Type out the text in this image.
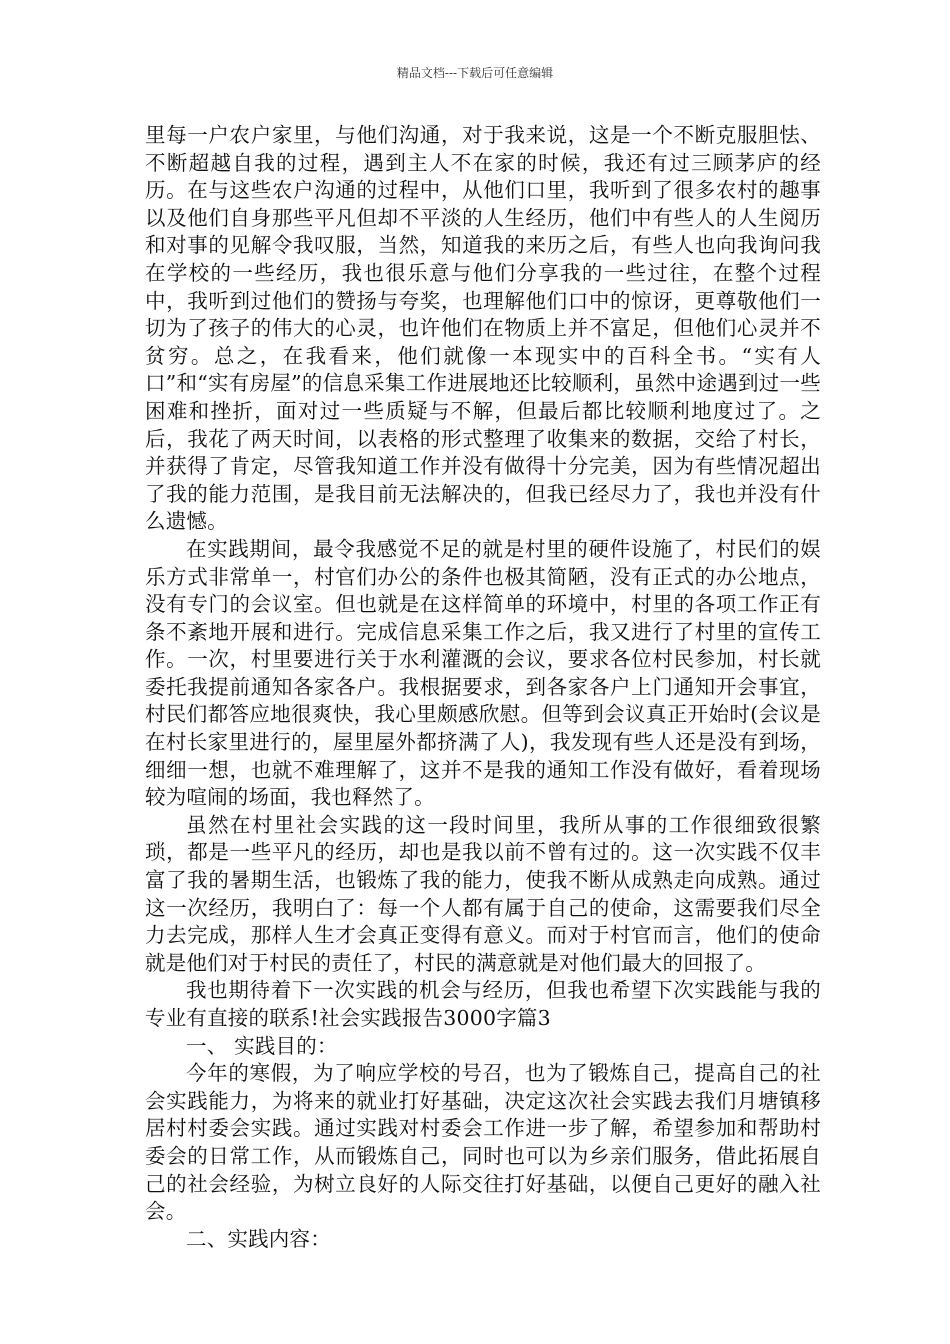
精品文档---下载后可任意编辑

里每一户农户家里，与他们沟通，对于我来说，这是一个不断克服胆怯、不断超越自我的过程，遇到主人不在家的时候，我还有过三顾茅庐的经历。在与这些农户沟通的过程中，从他们口里，我听到了很多农村的趣事以及他们自身那些平凡但却不平淡的人生经历，他们中有些人的人生阅历和对事的见解令我叹服，当然，知道我的来历之后，有些人也向我询问我在学校的一些经历，我也很乐意与他们分享我的一些过往，在整个过程中，我听到过他们的赞扬与夸奖，也理解他们口中的惊讶，更尊敬他们一切为了孩子的伟大的心灵，也许他们在物质上并不富足，但他们心灵并不贫穷。总之，在我看来，他们就像一本现实中的百科全书。“实有人口”和“实有房屋”的信息采集工作进展地还比较顺利，虽然中途遇到过一些困难和挫折，面对过一些质疑与不解，但最后都比较顺利地度过了。之后，我花了两天时间，以表格的形式整理了收集来的数据，交给了村长，并获得了肯定，尽管我知道工作并没有做得十分完美，因为有些情况超出了我的能力范围，是我目前无法解决的，但我已经尽力了，我也并没有什么遗憾。

在实践期间，最令我感觉不足的就是村里的硬件设施了，村民们的娱乐方式非常单一，村官们办公的条件也极其简陋，没有正式的办公地点，没有专门的会议室。但也就是在这样简单的环境中，村里的各项工作正有条不紊地开展和进行。完成信息采集工作之后，我又进行了村里的宣传工作。一次，村里要进行关于水利灌溉的会议，要求各位村民参加，村长就委托我提前通知各家各户。我根据要求，到各家各户上门通知开会事宜，村民们都答应地很爽快，我心里颇感欣慰。但等到会议真正开始时(会议是在村长家里进行的，屋里屋外都挤满了人)，我发现有些人还是没有到场，细细一想，也就不难理解了，这并不是我的通知工作没有做好，看着现场较为喧闹的场面，我也释然了。

虽然在村里社会实践的这一段时间里，我所从事的工作很细致很繁琐，都是一些平凡的经历，却也是我以前不曾有过的。这一次实践不仅丰富了我的暑期生活，也锻炼了我的能力，使我不断从成熟走向成熟。通过这一次经历，我明白了：每一个人都有属于自己的使命，这需要我们尽全力去完成，那样人生才会真正变得有意义。而对于村官而言，他们的使命就是他们对于村民的责任了，村民的满意就是对他们最大的回报了。

我也期待着下一次实践的机会与经历，但我也希望下次实践能与我的专业有直接的联系!社会实践报告3000字篇3

一、 实践目的：

今年的寒假，为了响应学校的号召，也为了锻炼自己，提高自己的社会实践能力，为将来的就业打好基础，决定这次社会实践去我们月塘镇移居村村委会实践。通过实践对村委会工作进一步了解，希望参加和帮助村委会的日常工作，从而锻炼自己，同时也可以为乡亲们服务，借此拓展自己的社会经验，为树立良好的人际交往打好基础，以便自己更好的融入社会。

二、实践内容：
